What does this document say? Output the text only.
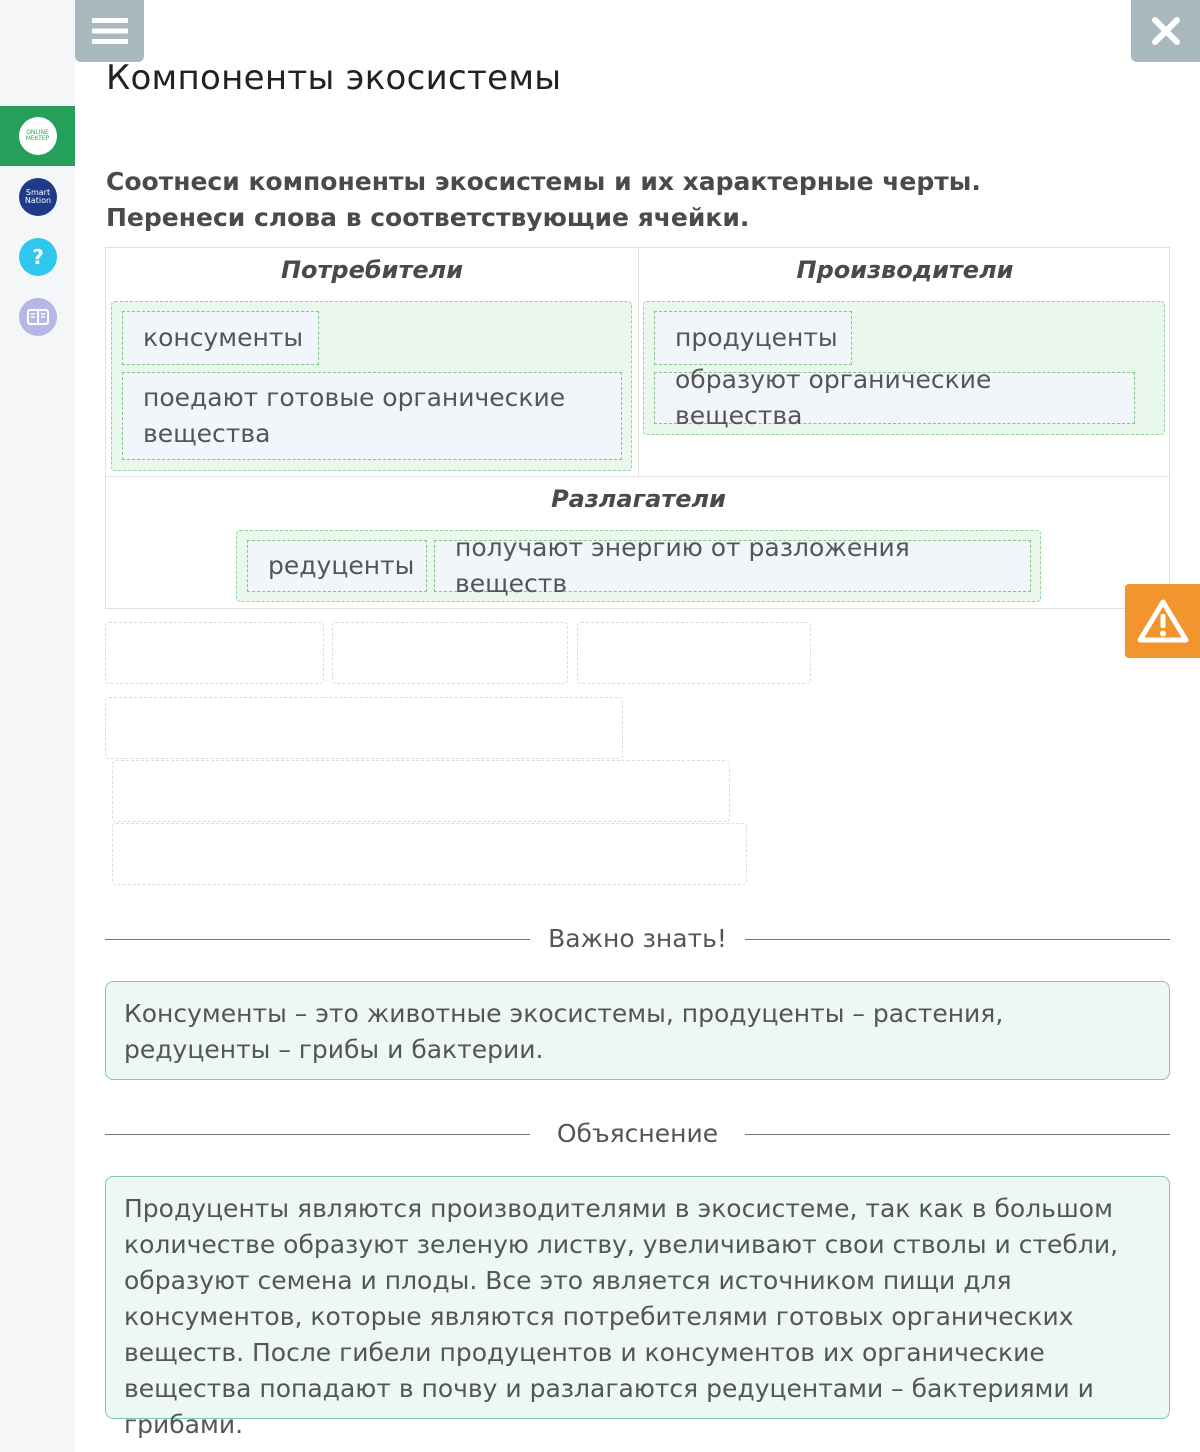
ONLINE MEKTEP
Smart Nation
?
Компоненты экосистемы

Соотнеси компоненты экосистемы и их характерные черты. Перенеси слова в соответствующие ячейки.

Потребители	Производители
консументы
поедают готовые органические вещества
продуценты
образуют органические вещества
Разлагатели
редуценты
получают энергию от разложения веществ
Важно знать!
Консументы – это животные экосистемы, продуценты – растения, редуценты – грибы и бактерии.
Объяснение
Продуценты являются производителями в экосистеме, так как в большом количестве образуют зеленую листву, увеличивают свои стволы и стебли, образуют семена и плоды. Все это является источником пищи для консументов, которые являются потребителями готовых органических веществ. После гибели продуцентов и консументов их органические вещества попадают в почву и разлагаются редуцентами – бактериями и грибами.
